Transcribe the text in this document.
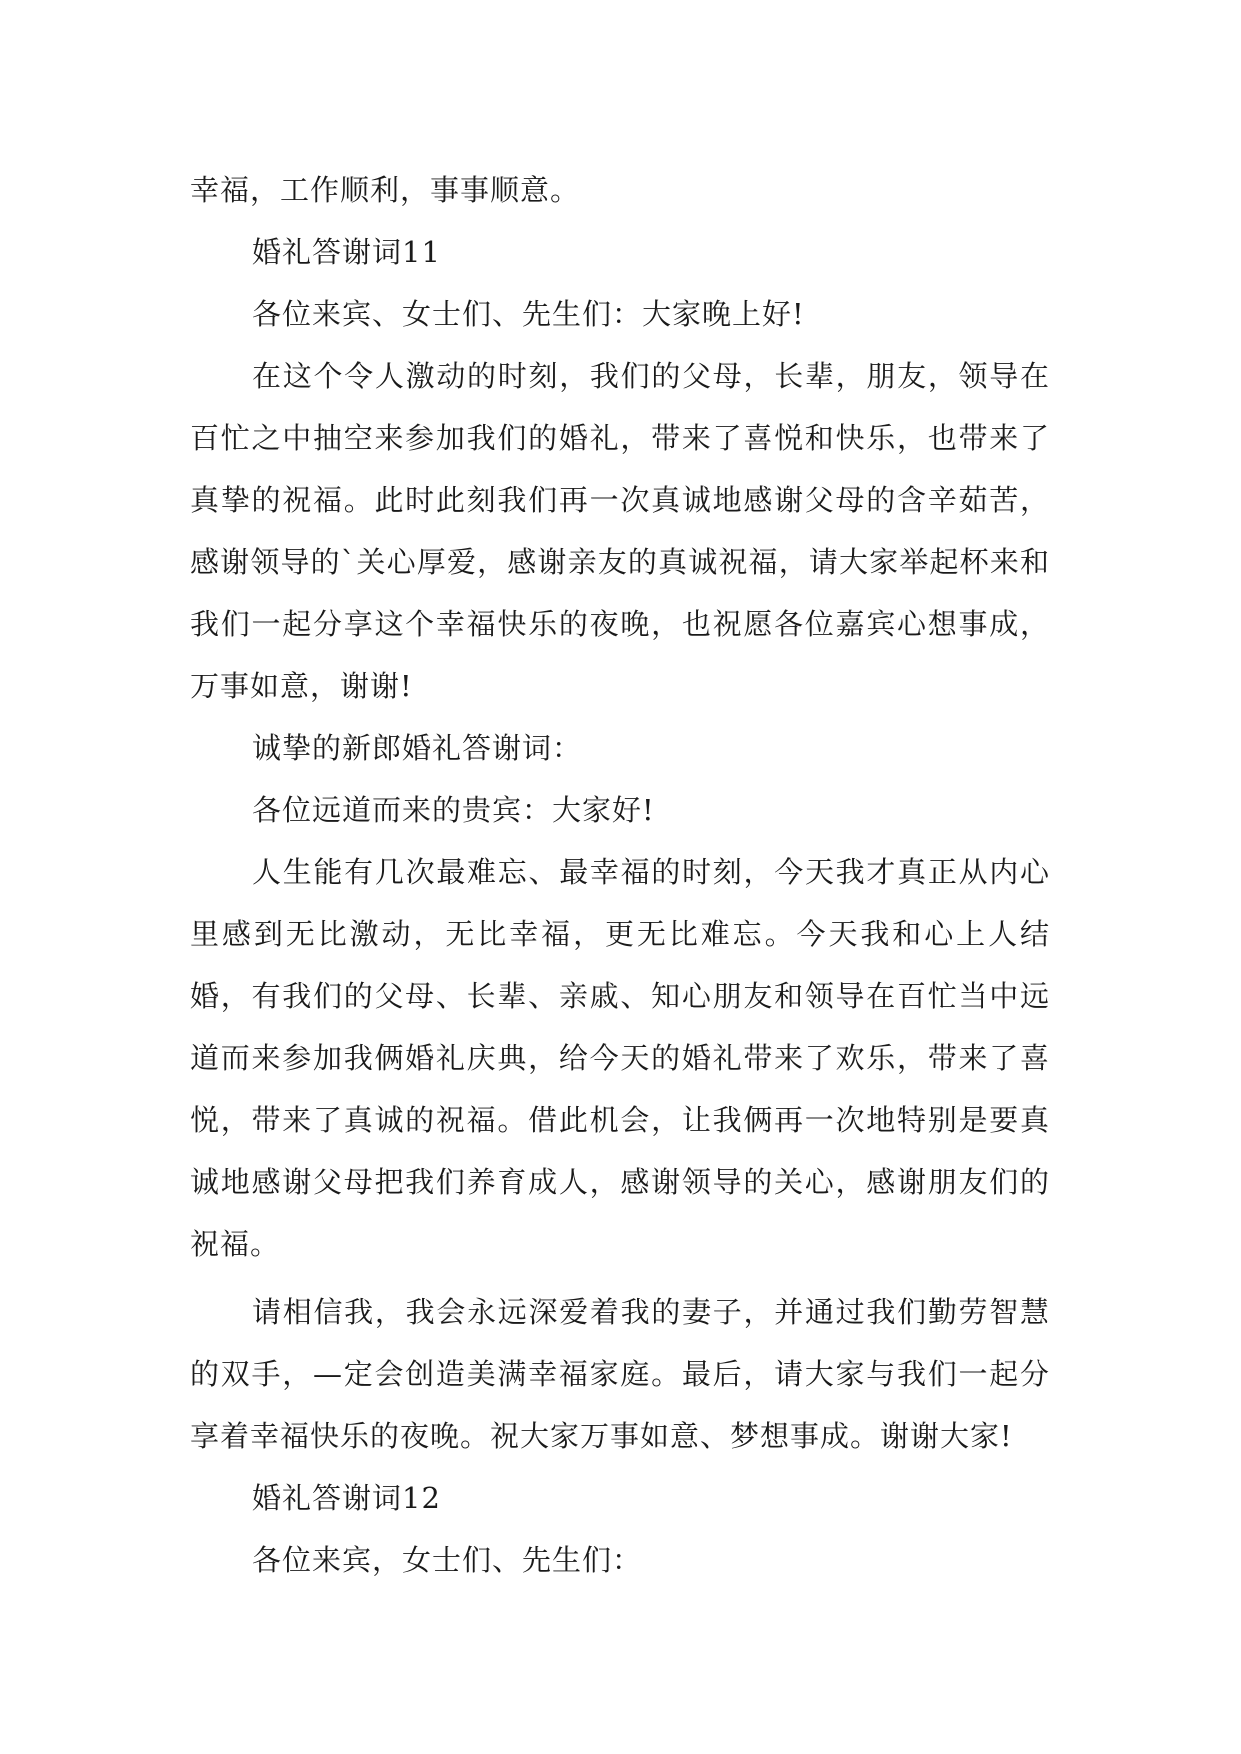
幸福，工作顺利，事事顺意。

婚礼答谢词11

各位来宾、女士们、先生们：大家晚上好!

在这个令人激动的时刻，我们的父母，长辈，朋友，领导在百忙之中抽空来参加我们的婚礼，带来了喜悦和快乐，也带来了真挚的祝福。此时此刻我们再一次真诚地感谢父母的含辛茹苦，感谢领导的`关心厚爱，感谢亲友的真诚祝福，请大家举起杯来和我们一起分享这个幸福快乐的夜晚，也祝愿各位嘉宾心想事成，万事如意，谢谢!

诚挚的新郎婚礼答谢词：

各位远道而来的贵宾：大家好!

人生能有几次最难忘、最幸福的时刻，今天我才真正从内心里感到无比激动，无比幸福，更无比难忘。今天我和心上人结婚，有我们的父母、长辈、亲戚、知心朋友和领导在百忙当中远道而来参加我俩婚礼庆典，给今天的婚礼带来了欢乐，带来了喜悦，带来了真诚的祝福。借此机会，让我俩再一次地特别是要真诚地感谢父母把我们养育成人，感谢领导的关心，感谢朋友们的祝福。

请相信我，我会永远深爱着我的妻子，并通过我们勤劳智慧的双手，—定会创造美满幸福家庭。最后，请大家与我们一起分享着幸福快乐的夜晚。祝大家万事如意、梦想事成。谢谢大家!

婚礼答谢词12

各位来宾，女士们、先生们：
